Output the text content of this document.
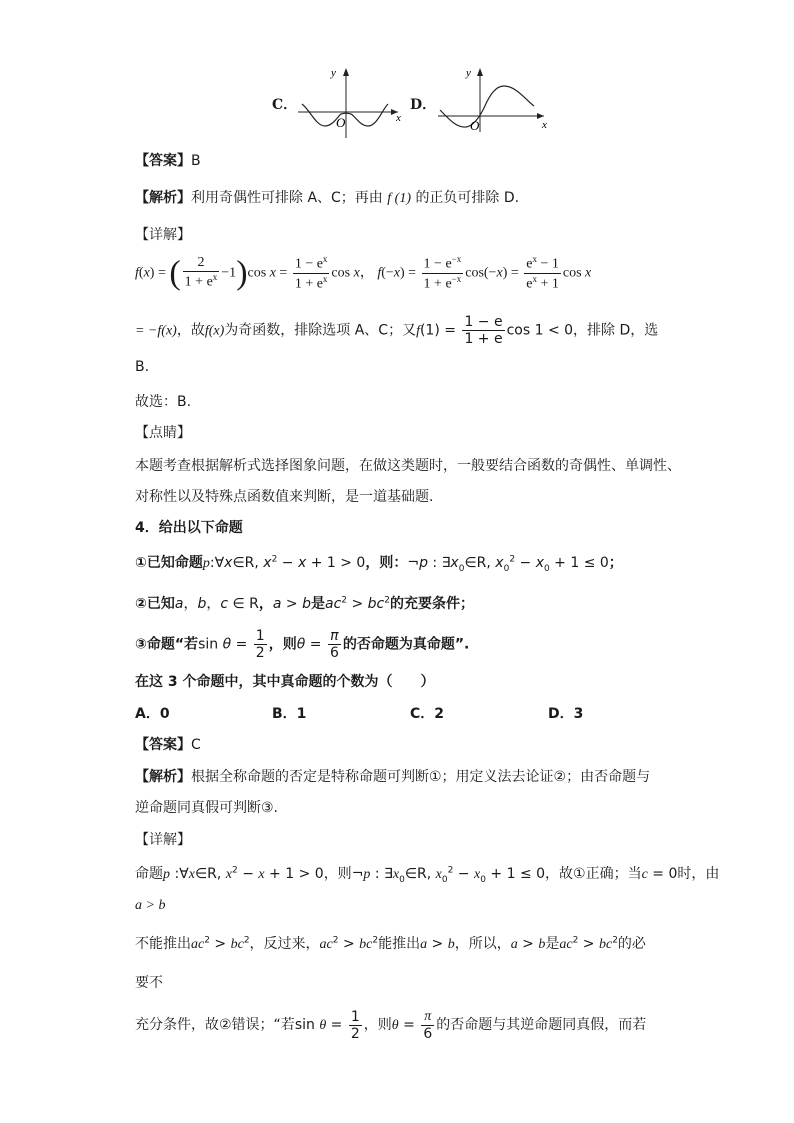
C．
y
x
O
D．
y
x
O
【答案】B
【解析】利用奇偶性可排除 A、C；再由 f (1) 的正负可排除 D.
【详解】
f(x) = ( $\frac{2}{1 + e^x} -1)\cos$ $x = \frac{1 - e^x}{1 + e^x}$ cos x， $f(-x) = \frac{1 - e^{-x}}{1 + e^{-x}} \cos(-x) = \frac{e^x - 1}{e^x + 1}$ cos x
= −f(x)，故f(x)为奇函数，排除选项 A、C；又$f(1) = \frac{1 - e}{1 + e}$ cos 1 < 0，排除 D，选
B.
故选：B.
【点睛】
本题考查根据解析式选择图象问题，在做这类题时，一般要结合函数的奇偶性、单调性、
对称性以及特殊点函数值来判断，是一道基础题.
4．给出以下命题
①已知命题p:∀x∈R, $x^2 - x + 1 > 0$，则：¬p : $\exists x_0\in R$, $x_0^2 - x_0 + 1 \le 0$；
②已知a，b，c ∈ R，a > b是$ac^2 > bc^2$的充要条件；
③命题“若$\sin \theta = \frac{1}{2}$ ，则$\theta = \frac{\pi}{6}$ 的否命题为真命题”.
在这 3 个命题中，其中真命题的个数为（　　）
A．0	B．1	C．2	D．3
【答案】C
【解析】根据全称命题的否定是特称命题可判断①；用定义法去论证②；由否命题与
逆命题同真假可判断③.
【详解】
命题p :∀x∈R, $x^2 - x + 1 > 0$，则¬p : $\exists x_0\in R$, $x_0^2 - x_0 + 1 \le 0$，故①正确；当c = 0时，由
a > b
不能推出$ac^2 > bc^2$，反过来，$ac^2 > bc^2$能推出a > b，所以，a > b是$ac^2 > bc^2$的必
要不
充分条件，故②错误；“若$\sin \theta = \frac{1}{2}$ ，则$\theta = \frac{\pi}{6}$ 的否命题与其逆命题同真假，而若
